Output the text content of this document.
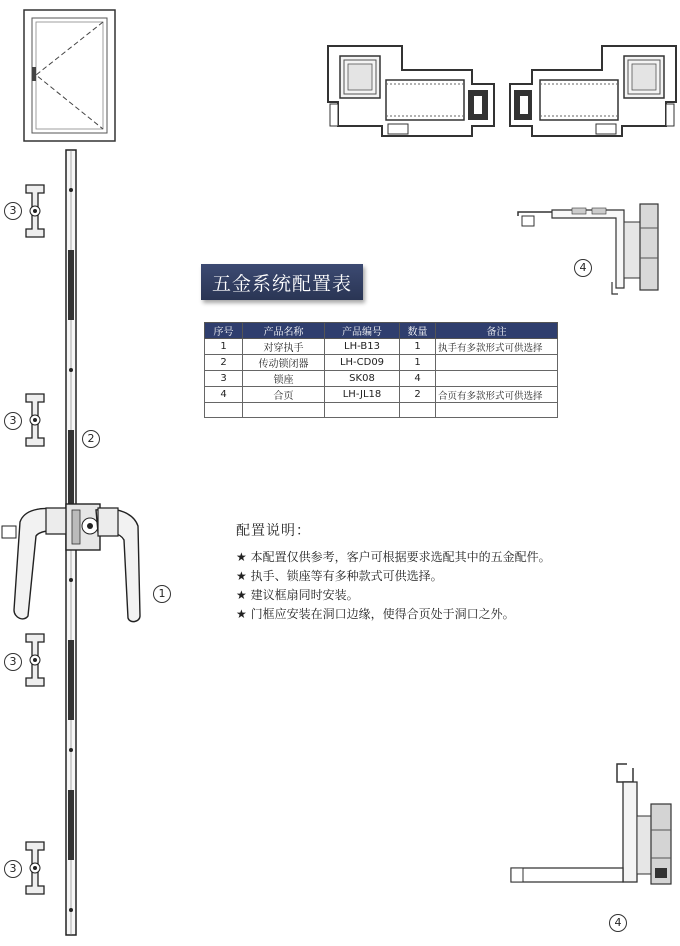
4
4
2
3
3
3
3
1
五金系统配置表
序号	产品名称	产品编号	数量	备注
1	对穿执手	LH-B13	1	执手有多款形式可供选择
2	传动锁闭器	LH-CD09	1	
3	锁座	SK08	4	
4	合页	LH-JL18	2	合页有多款形式可供选择

配置说明：
★ 本配置仅供参考，客户可根据要求选配其中的五金配件。
★ 执手、锁座等有多种款式可供选择。
★ 建议框扇同时安装。
★ 门框应安装在洞口边缘，使得合页处于洞口之外。
